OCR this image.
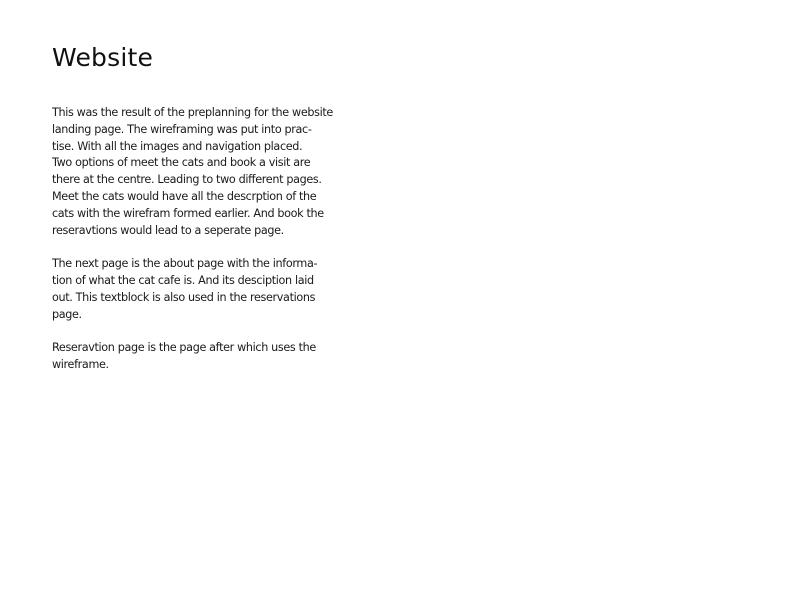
Website

This was the result of the preplanning for the website
landing page. The wireframing was put into prac-
tise. With all the images and navigation placed.
Two options of meet the cats and book a visit are
there at the centre. Leading to two different pages.
Meet the cats would have all the descrption of the
cats with the wirefram formed earlier. And book the
reseravtions would lead to a seperate page.

The next page is the about page with the informa-
tion of what the cat cafe is. And its desciption laid
out. This textblock is also used in the reservations
page.

Reseravtion page is the page after which uses the
wireframe.
